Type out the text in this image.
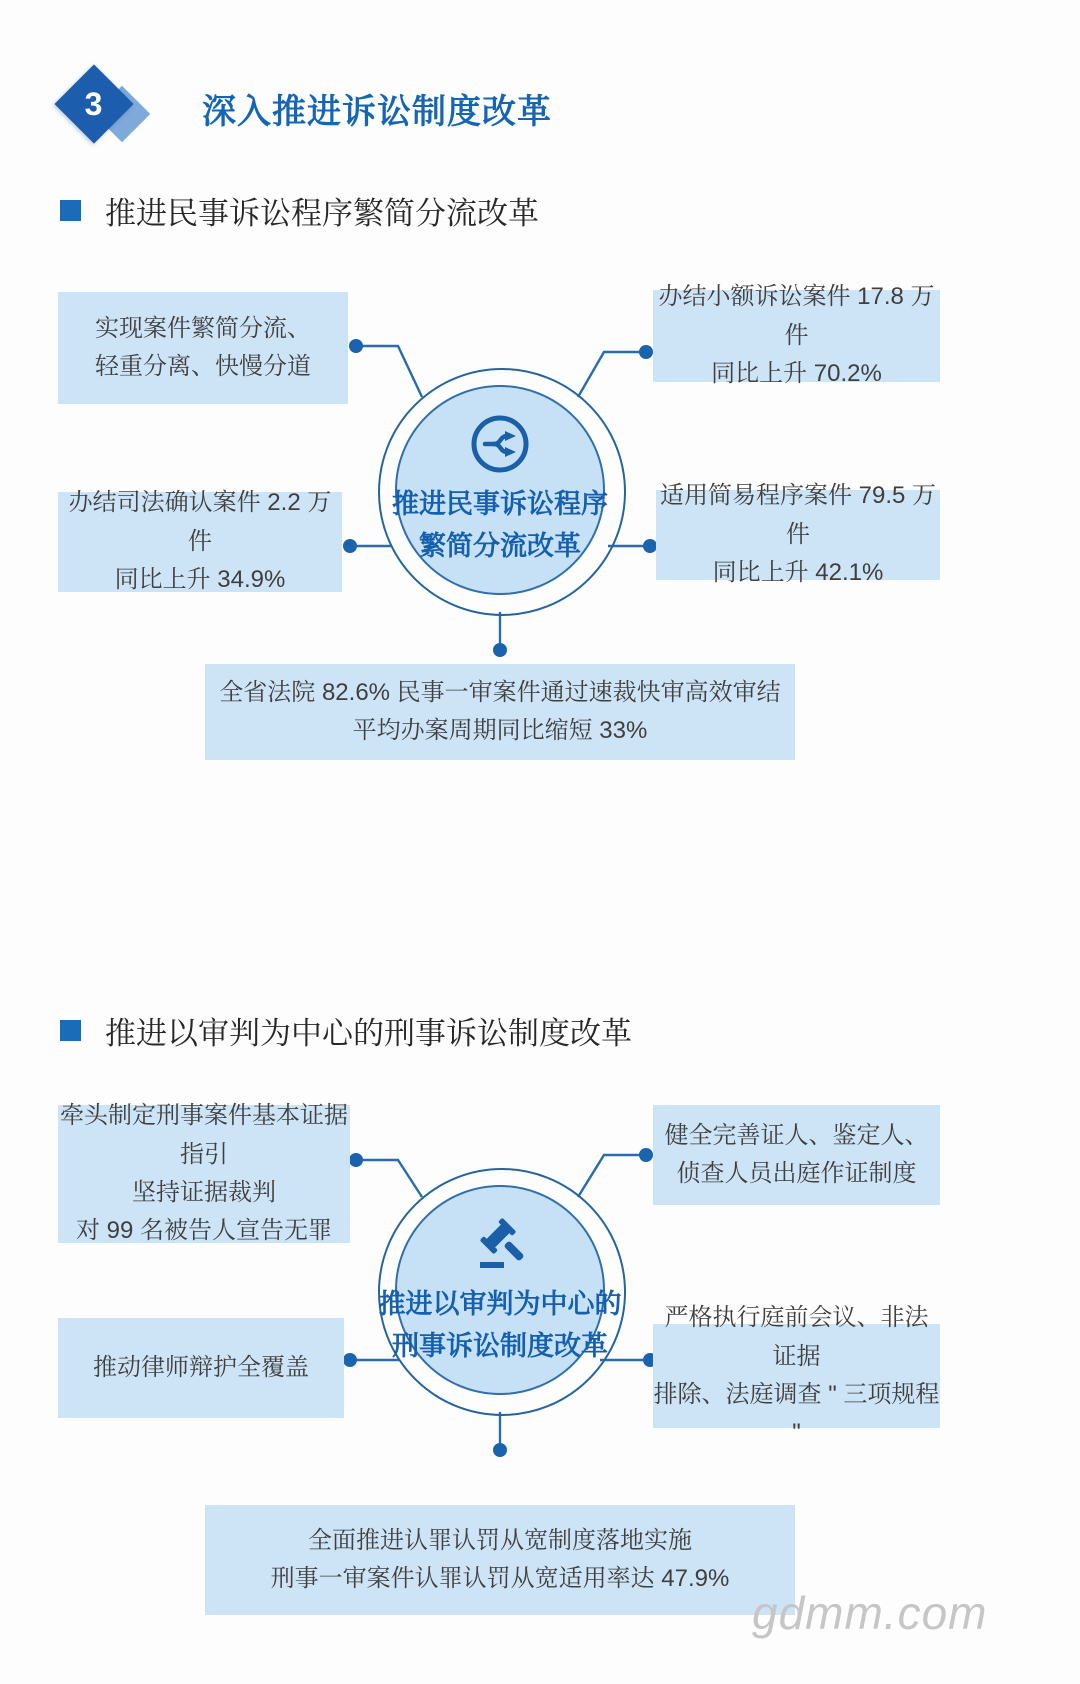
3	深入推进诉讼制度改革
推进民事诉讼程序繁简分流改革
实现案件繁简分流、
轻重分离、快慢分道
办结小额诉讼案件 17.8 万件
同比上升 70.2%
办结司法确认案件 2.2 万件
同比上升 34.9%
适用简易程序案件 79.5 万件
同比上升 42.1%
全省法院 82.6% 民事一审案件通过速裁快审高效审结
平均办案周期同比缩短 33%
推进民事诉讼程序
繁简分流改革
推进以审判为中心的刑事诉讼制度改革
牵头制定刑事案件基本证据指引
坚持证据裁判
对 99 名被告人宣告无罪
健全完善证人、鉴定人、
侦查人员出庭作证制度
推动律师辩护全覆盖
严格执行庭前会议、非法证据
排除、法庭调查 " 三项规程 "
全面推进认罪认罚从宽制度落地实施
刑事一审案件认罪认罚从宽适用率达 47.9%
推进以审判为中心的
刑事诉讼制度改革
gdmm.com
